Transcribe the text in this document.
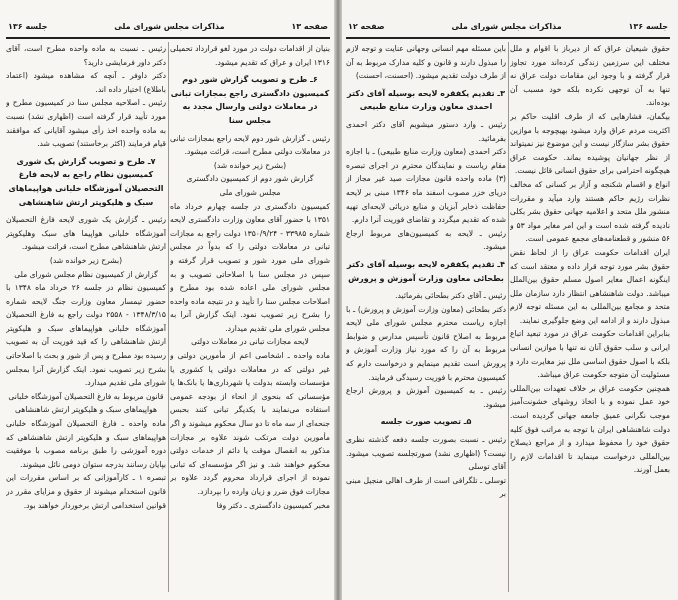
صفحه ۱۳
مذاکرات مجلس شورای ملی
جلسه ۱۳۶

بنیان از اقدامات دولت در مورد لغو قرارداد تحمیلی ۱۳۱۶ ایران و عراق که تقدیم میشود.

۶ـ طرح و تصویب گزارش شور دوم کمیسیون دادگستری راجع بمجازات تبانی در معاملات دولتی وارسال مجدد به مجلس سنا

رئیس ـ گزارش شور دوم لایحه راجع بمجازات تبانی در معاملات دولتی مطرح است، قرائت میشود.

(بشرح زیر خوانده شد)

گزارش شور دوم از کمیسیون دادگستری

مجلس شورای ملی

کمیسیون دادگستری در جلسه چهارم خرداد ماه ۱۳۵۱ با حضور آقای معاون وزارت دادگستری لایحه شماره ۳۳۹۸۵ - ۱۳۵۰/۹/۲۴ دولت راجع به مجازات تبانی در معاملات دولتی را که بدواً در مجلس شورای ملی مورد شور و تصویب قرار گرفته و سپس در مجلس سنا با اصلاحاتی تصویب و به مجلس شورای ملی اعاده شده بود مطرح و اصلاحات مجلس سنا را تأیید و در نتیجه ماده واحده را بشرح زیر تصویب نمود. اینک گزارش آنرا به مجلس شورای ملی تقدیم میدارد.

لایحه مجازات تبانی در معاملات دولتی

ماده واحده ـ اشخاصی اعم از مأمورین دولتی و غیر دولتی که در معاملات دولتی یا کشوری یا مؤسسات وابسته بدولت یا شهرداری‌ها یا بانک‌ها یا مؤسساتی که بنحوی از انحاء از بودجه عمومی استفاده می‌نمایند با یکدیگر تبانی کنند بحبس جنحه‌ای از سه ماه تا دو سال محکوم میشوند و اگر مأمورین دولت مرتکب شوند علاوه بر مجازات مذکور به انفصال موقت یا دائم از خدمات دولتی محکوم خواهند شد. و نیز اگر مؤسسه‌ای که تبانی نموده از اجرای قرارداد محروم گردد علاوه بر مجازات فوق ضرر و زیان وارده را بپردازد.

مخبر کمیسیون دادگستری ـ دکتر وفا

رئیس ـ نسبت به ماده واحده مطرح است، آقای دکتر داور فرمایشی دارید؟

دکتر داوفر ـ آنچه که مشاهده میشود (اعتماد باطلاع) اختیار داده اند.

رئیس ـ اصلاحیه مجلس سنا در کمیسیون مطرح و مورد تأیید قرار گرفته است (اظهاری نشد) نسبت به ماده واحده اخذ رأی میشود آقایانی که موافقند قیام فرمایند (اکثر برخاستند) تصویب شد.

۷ـ طرح و تصویب گزارش یک شوری کمیسیون نظام راجع به لایحه فارغ التحصیلان آموزشگاه خلبانی هواپیماهای سبک و هلیکوپتر ارتش شاهنشاهی

رئیس ـ گزارش یک شوری لایحه فارغ التحصیلان آموزشگاه خلبانی هواپیما های سبک وهلیکوپتر ارتش شاهنشاهی مطرح است، قرائت میشود.

(بشرح زیر خوانده شد)

گزارش از کمیسیون نظام مجلس شورای ملی

کمیسیون نظام در جلسه ۲۶ خرداد ماه ۱۳۴۸ با حضور تیمسار معاون وزارت جنگ لایحه شماره ۱۳۴۸/۳/۱۵ - ۲۵۵۸ دولت راجع به فارغ التحصیلان آموزشگاه خلبانی هواپیماهای سبک و هلیکوپتر ارتش شاهنشاهی را که قید فوریت آن به تصویب رسیده بود مطرح و پس از شور و بحث با اصلاحاتی بشرح زیر تصویب نمود. اینک گزارش آنرا بمجلس شورای ملی تقدیم میدارد.

قانون مربوط به فارغ التحصیلان آموزشگاه خلبانی هواپیماهای سبک و هلیکوپتر ارتش شاهنشاهی

ماده واحده ـ فارغ التحصیلان آموزشگاه خلبانی هواپیماهای سبک و هلیکوپتر ارتش شاهنشاهی که دوره آموزشی را طبق برنامه مصوب با موفقیت بپایان رسانند بدرجه ستوان دومی نائل میشوند.

تبصره ۱ ـ کارآموزانی که بر اساس مقررات این قانون استخدام میشوند از حقوق و مزایای مقرر در قوانین استخدامی ارتش برخوردار خواهند بود.

جلسه ۱۳۶
مذاکرات مجلس شورای ملی
صفحه ۱۲

حقوق شیعیان عراق که از دیرباز با اقوام و ملل مختلف این سرزمین زندگی کرده‌اند مورد تجاوز قرار گرفته و با وجود این مقامات دولت عراق نه تنها به آن توجهی نکرده بلکه خود مسبب آن بوده‌اند.

بیگمان، فشارهایی که از طرف اقلیت حاکم بر اکثریت مردم عراق وارد میشود بهیچوجه با موازین حقوق بشر سازگار نیست و این موضوع نیز نمیتواند از نظر جهانیان پوشیده بماند. حکومت عراق هیچگونه احترامی برای حقوق انسانی قائل نیست.

انواع و اقسام شکنجه و آزار بر کسانی که مخالف نظرات رژیم حاکم هستند وارد میآید و مقررات منشور ملل متحد و اعلامیه جهانی حقوق بشر بکلی نادیده گرفته شده است و این امر مغایر مواد ۵۳ و ۵۶ منشور و قطعنامه‌های مجمع عمومی است.

ایران اقدامات حکومت عراق را از لحاظ نقض حقوق بشر مورد توجه قرار داده و معتقد است که اینگونه اعمال مغایر اصول مسلم حقوق بین‌الملل میباشد. دولت شاهنشاهی انتظار دارد سازمان ملل متحد و مجامع بین‌المللی به این مسئله توجه لازم مبذول دارند و از ادامه این وضع جلوگیری نمایند.

بنابراین اقدامات حکومت عراق در مورد تبعید اتباع ایرانی و سلب حقوق آنان نه تنها با موازین انسانی بلکه با اصول حقوق اساسی ملل نیز مغایرت دارد و مسئولیت آن متوجه حکومت عراق میباشد.

همچنین حکومت عراق بر خلاف تعهدات بین‌المللی خود عمل نموده و با اتخاذ روشهای خشونت‌آمیز موجب نگرانی عمیق جامعه جهانی گردیده است. دولت شاهنشاهی ایران با توجه به مراتب فوق کلیه حقوق خود را محفوظ میدارد و از مراجع ذیصلاح بین‌المللی درخواست مینماید تا اقدامات لازم را بعمل آورند.

باین مسئله مهم انسانی وجهانی عنایت و توجه لازم را مبذول دارند و قانون و کلیه مدارک مربوط به آن از طرف دولت تقدیم میشود. (احسنت، احسنت)

۳ـ تقدیم یکفقره لایحه بوسیله آقای دکتر احمدی معاون وزارت منابع طبیعی

رئیس ـ وارد دستور میشویم آقای دکتر احمدی بفرمائید.

دکتر احمدی (معاون وزارت منابع طبیعی) ـ با اجازه مقام ریاست و نمایندگان محترم در اجرای تبصره (۳) ماده واحده قانون مجازات صید غیر مجاز از دریای خزر مصوب اسفند ماه ۱۳۴۶ مبنی بر لایحه حفاظت ذخایر آبزیان و منابع دریائی لایحه‌ای تهیه شده که تقدیم میگردد و تقاضای فوریت آنرا دارم.

رئیس ـ لایحه به کمیسیون‌های مربوط ارجاع میشود.

۴ـ تقدیم یکفقره لایحه بوسیله آقای دکتر بطحائی معاون وزارت آموزش و پرورش

رئیس ـ آقای دکتر بطحائی بفرمائید.

دکتر بطحائی (معاون وزارت آموزش و پرورش) ـ با اجازه ریاست محترم مجلس شورای ملی لایحه مربوط به اصلاح قانون تأسیس مدارس و ضوابط مربوط به آن را که مورد نیاز وزارت آموزش و پرورش است تقدیم مینمایم و درخواست دارم که کمیسیون محترم با فوریت رسیدگی فرمایند.

رئیس ـ به کمیسیون آموزش و پرورش ارجاع میشود.

۵ـ تصویب صورت جلسه

رئیس ـ نسبت بصورت جلسه دفعه گذشته نظری نیست؟ (اظهاری نشد) صورتجلسه تصویب میشود. آقای توسلی

توسلی ـ تلگرافی است از طرف اهالی منجیل مبنی بر
